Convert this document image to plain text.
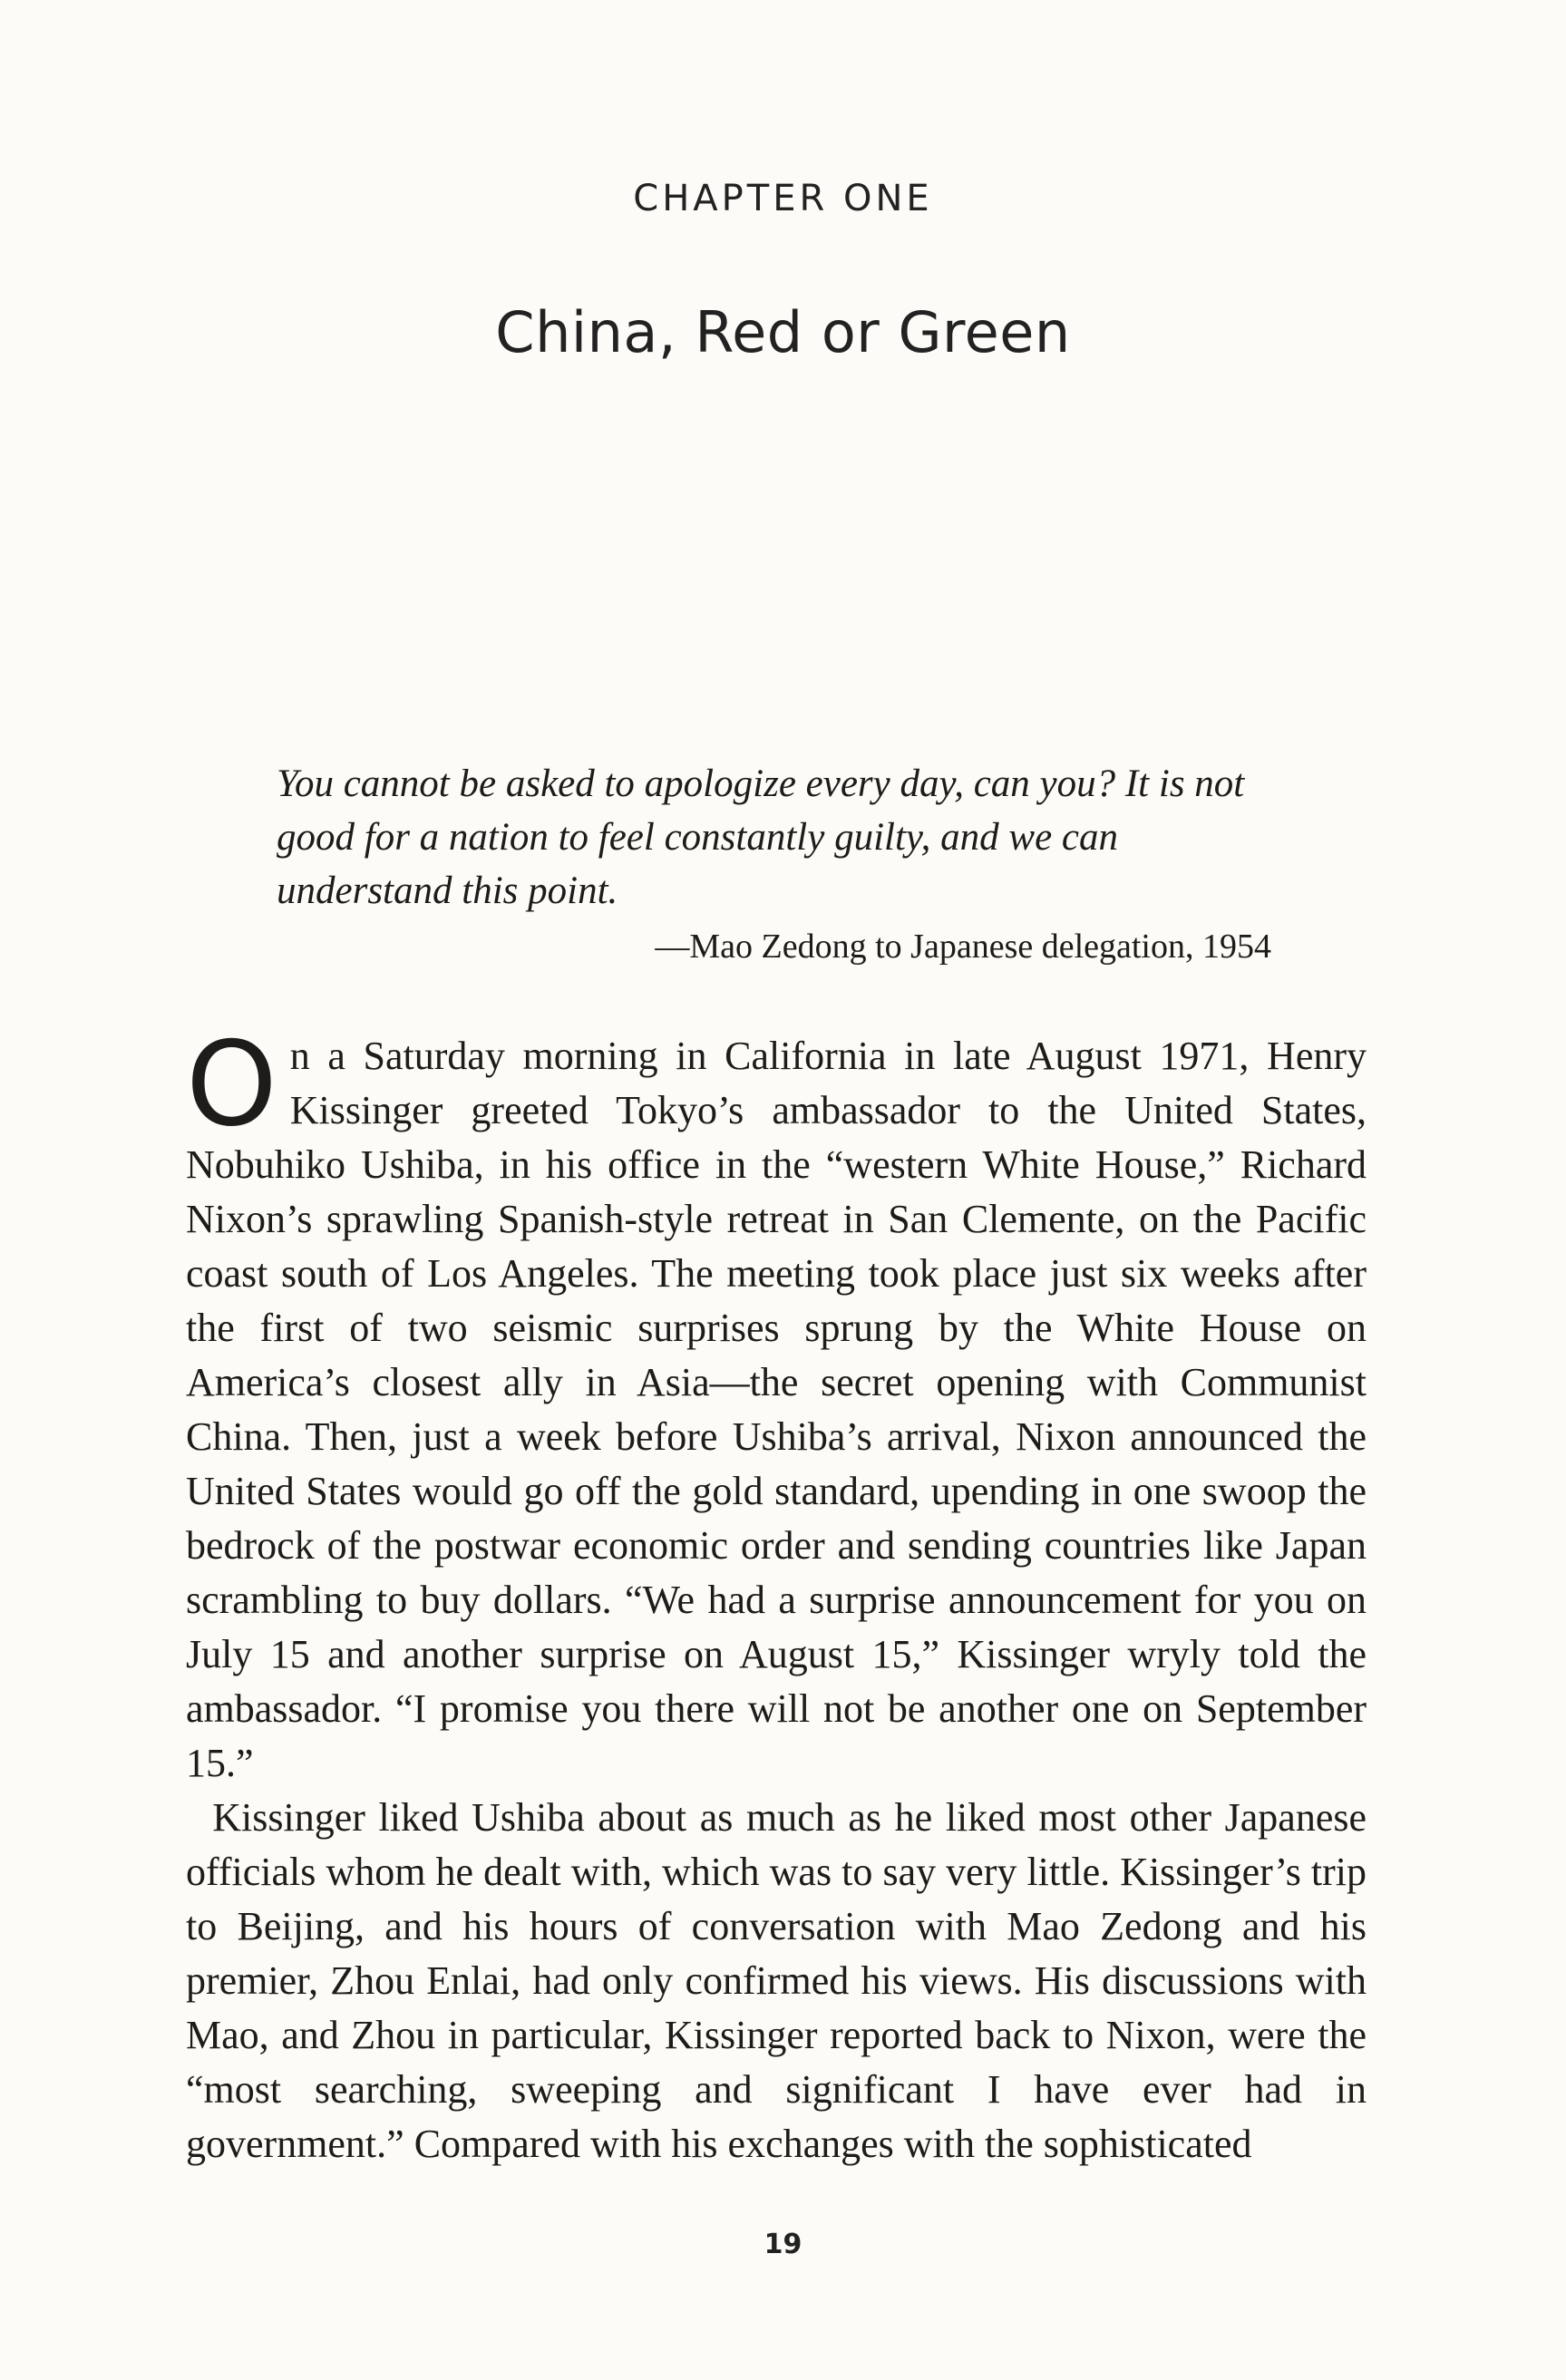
CHAPTER ONE
China, Red or Green
You cannot be asked to apologize every day, can you? It is not good for a nation to feel constantly guilty, and we can understand this point.
—Mao Zedong to Japanese delegation, 1954

On a Saturday morning in California in late August 1971, Henry Kissinger greeted Tokyo’s ambassador to the United States, Nobuhiko Ushiba, in his office in the “western White House,” Richard Nixon’s sprawling Spanish-style retreat in San Clemente, on the Pacific coast south of Los Angeles. The meeting took place just six weeks after the first of two seismic surprises sprung by the White House on America’s closest ally in Asia—the secret opening with Communist China. Then, just a week before Ushiba’s arrival, Nixon announced the United States would go off the gold standard, upending in one swoop the bedrock of the postwar economic order and sending countries like Japan scrambling to buy dollars. “We had a surprise announcement for you on July 15 and another surprise on August 15,” Kissinger wryly told the ambassador. “I promise you there will not be another one on September 15.”

Kissinger liked Ushiba about as much as he liked most other Japanese officials whom he dealt with, which was to say very little. Kissinger’s trip to Beijing, and his hours of conversation with Mao Zedong and his premier, Zhou Enlai, had only confirmed his views. His discussions with Mao, and Zhou in particular, Kissinger reported back to Nixon, were the “most searching, sweeping and significant I have ever had in government.” Compared with his exchanges with the sophisticated

19
